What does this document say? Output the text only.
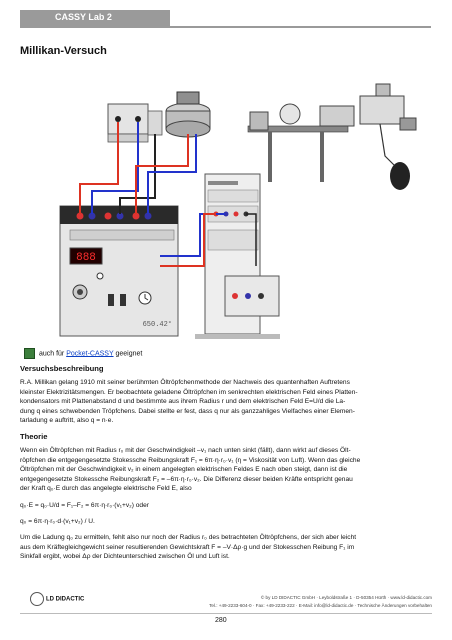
CASSY Lab 2
Millikan-Versuch
888
650.42°
auch für Pocket-CASSY geeignet
Versuchsbeschreibung
R.A. Millikan gelang 1910 mit seiner berühmten Öltröpfchenmethode der Nachweis des quantenhaften Auftretens
kleinster Elektrizitätsmengen. Er beobachtete geladene Öltröpfchen im senkrechten elektrischen Feld eines Platten-
kondensators mit Plattenabstand d und bestimmte aus ihrem Radius r und dem elektrischen Feld E=U/d die La-
dung q eines schwebenden Tröpfchens. Dabei stellte er fest, dass q nur als ganzzahliges Vielfaches einer Elemen-
tarladung e auftritt, also q = n·e.
Theorie
Wenn ein Öltröpfchen mit Radius r₀ mit der Geschwindigkeit –v₁ nach unten sinkt (fällt), dann wirkt auf dieses Ölt-
röpfchen die entgegengesetzte Stokessche Reibungskraft F₁ = 6π·η·r₀·v₁ (η = Viskosität von Luft). Wenn das gleiche
Öltröpfchen mit der Geschwindigkeit v₂ in einem angelegten elektrischen Feldes E nach oben steigt, dann ist die
entgegengesetzte Stokessche Reibungskraft F₂ = –6π·η·r₀·v₂. Die Differenz dieser beiden Kräfte entspricht genau
der Kraft q₀·E durch das angelegte elektrische Feld E, also
q₀·E = q₀·U/d = F₁–F₂ = 6π·η·r₀·(v₁+v₂) oder
q₀ = 6π·η·r₀·d·(v₁+v₂) / U.
Um die Ladung q₀ zu ermitteln, fehlt also nur noch der Radius r₀ des betrachteten Öltröpfchens, der sich aber leicht
aus dem Kräftegleichgewicht seiner resultierenden Gewichtskraft F = –V·Δρ·g und der Stokesschen Reibung F₁ im
Sinkfall ergibt, wobei Δρ der Dichteunterschied zwischen Öl und Luft ist.
LD DIDACTIC	© by LD DIDACTIC GmbH · Leyboldstraße 1 · D-50354 Hürth · www.ld-didactic.com
Tel.: +49-2233-604-0 · Fax: +49-2233-222 · E-Mail: info@ld-didactic.de · Technische Änderungen vorbehalten
280
